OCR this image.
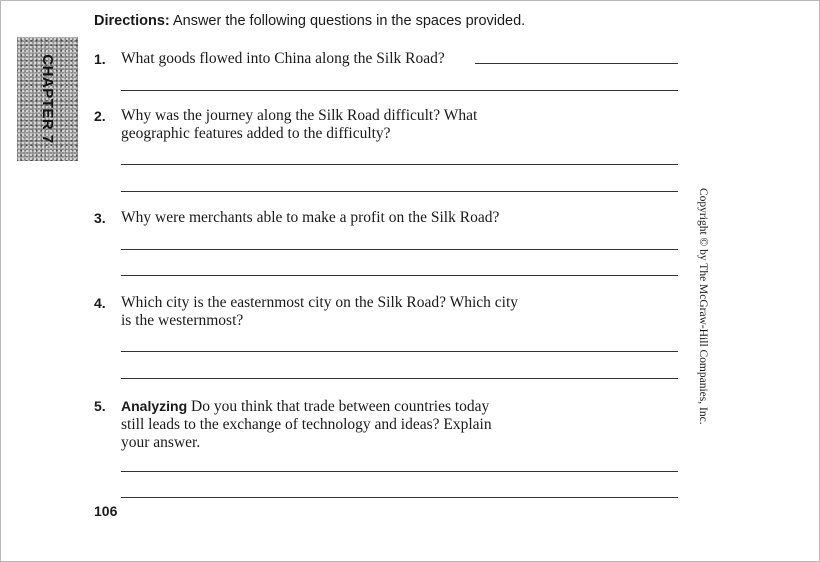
Directions: Answer the following questions in the spaces provided.
CHAPTER 7	1. What goods flowed into China along the Silk Road?
2. Why was the journey along the Silk Road difficult? What
geographic features added to the difficulty?
3. Why were merchants able to make a profit on the Silk Road?
4. Which city is the easternmost city on the Silk Road? Which city
is the westernmost?
5.	Analyzing Do you think that trade between countries today
still leads to the exchange of technology and ideas? Explain
your answer.
106
Copyright © by The McGraw-Hill Companies, Inc.
